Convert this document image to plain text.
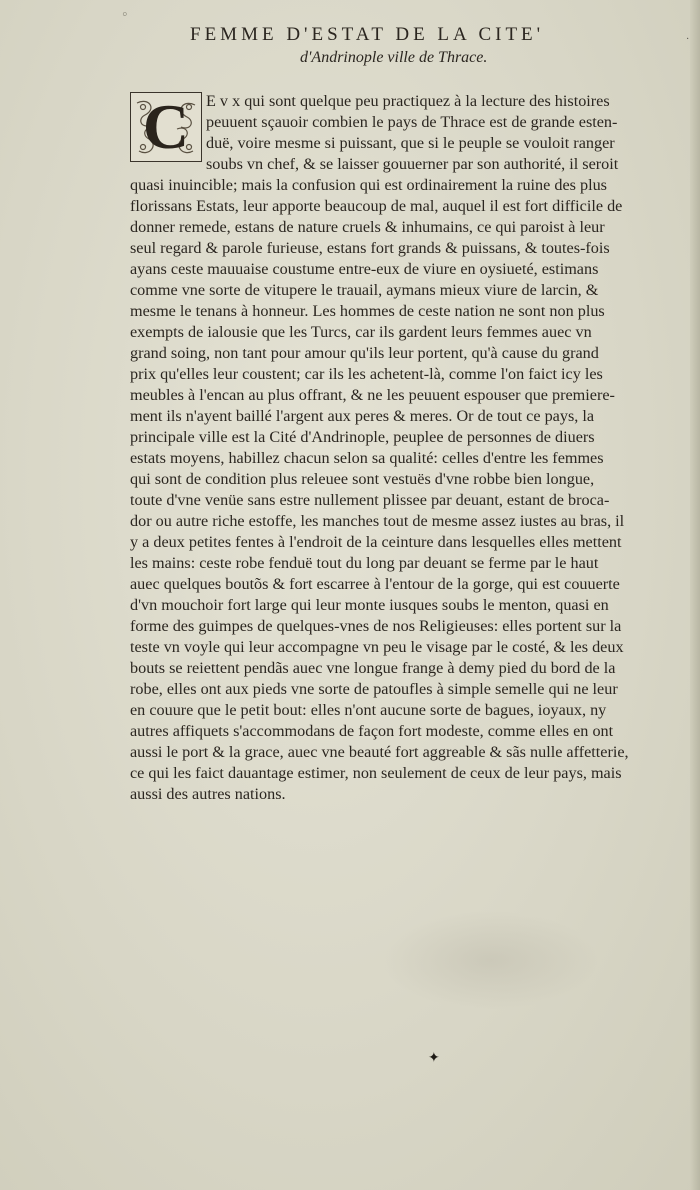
◦
·
FEMME D'ESTAT DE LA CITE'
d'Andrinople ville de Thrace.
C	E v x qui sont quelque peu practiquez à la lecture des histoires
peuuent sçauoir combien le pays de Thrace est de grande esten-
duë, voire mesme si puissant, que si le peuple se vouloit ranger
soubs vn chef, & se laisser gouuerner par son authorité, il seroit
quasi inuincible; mais la confusion qui est ordinairement la ruine des plus
florissans Estats, leur apporte beaucoup de mal, auquel il est fort difficile de
donner remede, estans de nature cruels & inhumains, ce qui paroist à leur
seul regard & parole furieuse, estans fort grands & puissans, & toutes-fois
ayans ceste mauuaise coustume entre-eux de viure en oysiueté, estimans
comme vne sorte de vitupere le trauail, aymans mieux viure de larcin, &
mesme le tenans à honneur. Les hommes de ceste nation ne sont non plus
exempts de ialousie que les Turcs, car ils gardent leurs femmes auec vn
grand soing, non tant pour amour qu'ils leur portent, qu'à cause du grand
prix qu'elles leur coustent; car ils les achetent-là, comme l'on faict icy les
meubles à l'encan au plus offrant, & ne les peuuent espouser que premiere-
ment ils n'ayent baillé l'argent aux peres & meres. Or de tout ce pays, la
principale ville est la Cité d'Andrinople, peuplee de personnes de diuers
estats moyens, habillez chacun selon sa qualité: celles d'entre les femmes
qui sont de condition plus releuee sont vestuës d'vne robbe bien longue,
toute d'vne venüe sans estre nullement plissee par deuant, estant de broca-
dor ou autre riche estoffe, les manches tout de mesme assez iustes au bras, il
y a deux petites fentes à l'endroit de la ceinture dans lesquelles elles mettent
les mains: ceste robe fenduë tout du long par deuant se ferme par le haut
auec quelques boutõs & fort escarree à l'entour de la gorge, qui est couuerte
d'vn mouchoir fort large qui leur monte iusques soubs le menton, quasi en
forme des guimpes de quelques-vnes de nos Religieuses: elles portent sur la
teste vn voyle qui leur accompagne vn peu le visage par le costé, & les deux
bouts se reiettent pendãs auec vne longue frange à demy pied du bord de la
robe, elles ont aux pieds vne sorte de patoufles à simple semelle qui ne leur
en couure que le petit bout: elles n'ont aucune sorte de bagues, ioyaux, ny
autres affiquets s'accommodans de façon fort modeste, comme elles en ont
aussi le port & la grace, auec vne beauté fort aggreable & sãs nulle affetterie,
ce qui les faict dauantage estimer, non seulement de ceux de leur pays, mais
aussi des autres nations.
✦
